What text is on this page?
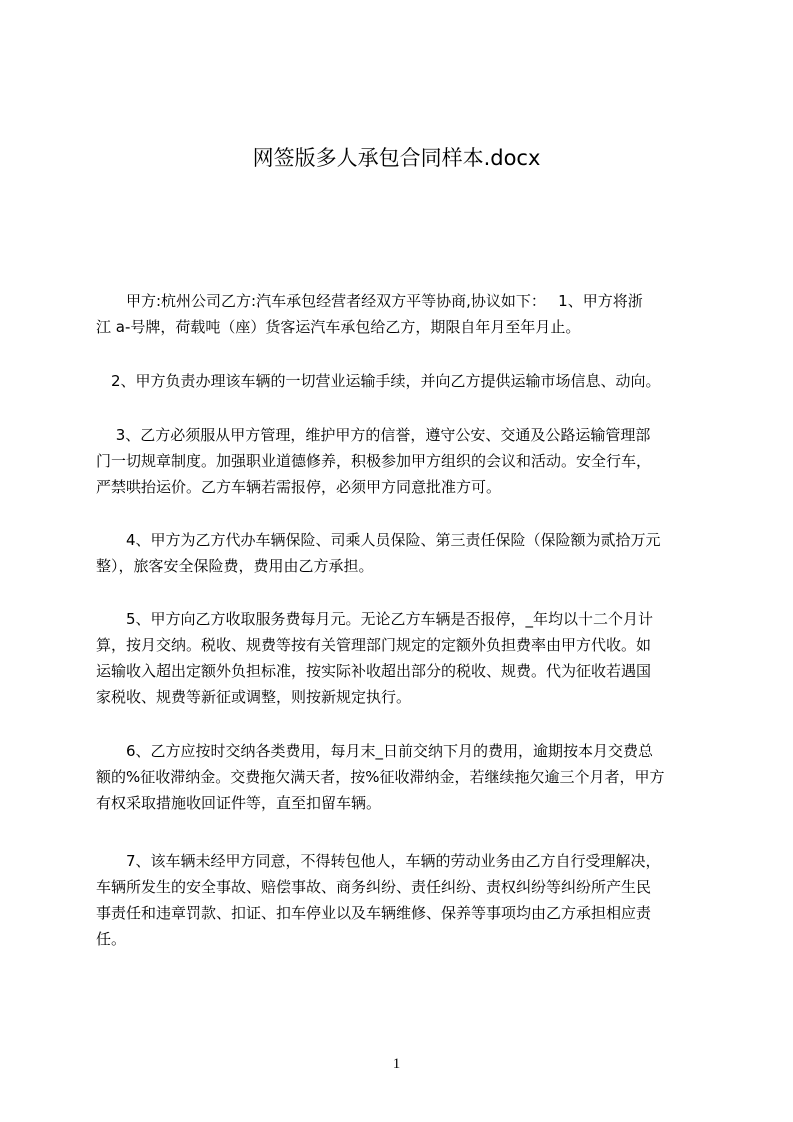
网签版多人承包合同样本.docx
　　甲方:杭州公司乙方:汽车承包经营者经双方平等协商,协议如下：　 1、甲方将浙
江 a-号牌，荷载吨（座）货客运汽车承包给乙方，期限自年月至年月止。
　2、甲方负责办理该车辆的一切营业运输手续，并向乙方提供运输市场信息、动向。
　 3、乙方必须服从甲方管理，维护甲方的信誉，遵守公安、交通及公路运输管理部
门一切规章制度。加强职业道德修养，积极参加甲方组织的会议和活动。安全行车，
严禁哄抬运价。乙方车辆若需报停，必须甲方同意批准方可。
　　4、甲方为乙方代办车辆保险、司乘人员保险、第三责任保险（保险额为贰拾万元
整），旅客安全保险费，费用由乙方承担。
　　5、甲方向乙方收取服务费每月元。无论乙方车辆是否报停，_年均以十二个月计
算，按月交纳。税收、规费等按有关管理部门规定的定额外负担费率由甲方代收。如
运输收入超出定额外负担标准，按实际补收超出部分的税收、规费。代为征收若遇国
家税收、规费等新征或调整，则按新规定执行。
　　6、乙方应按时交纳各类费用，每月末_日前交纳下月的费用，逾期按本月交费总
额的%征收滞纳金。交费拖欠满天者，按%征收滞纳金，若继续拖欠逾三个月者，甲方
有权采取措施收回证件等，直至扣留车辆。
　　7、该车辆未经甲方同意，不得转包他人，车辆的劳动业务由乙方自行受理解决，
车辆所发生的安全事故、赔偿事故、商务纠纷、责任纠纷、责权纠纷等纠纷所产生民
事责任和违章罚款、扣证、扣车停业以及车辆维修、保养等事项均由乙方承担相应责
任。
1
